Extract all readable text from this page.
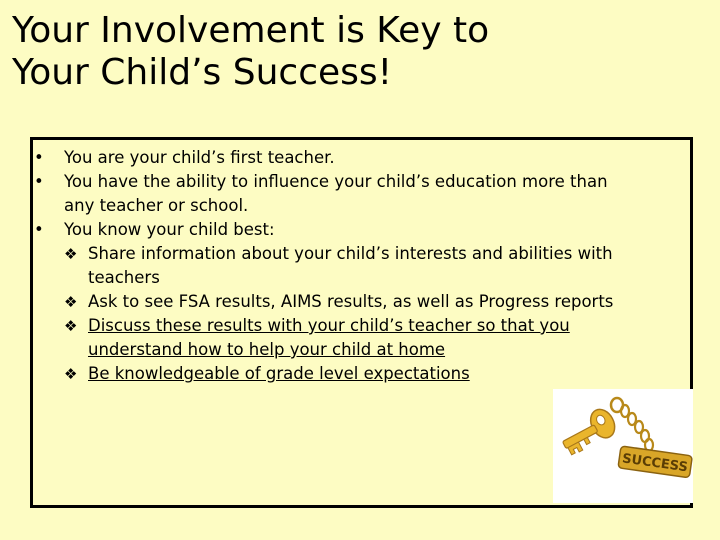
Your Involvement is Key to
Your Child’s Success!
•	You are your child’s first teacher.
•	You have the ability to influence your child’s education more than
any teacher or school.
•	You know your child best:
❖ Share information about your child’s interests and abilities with
teachers
❖ Ask to see FSA results, AIMS results, as well as Progress reports
❖ Discuss these results with your child’s teacher so that you
understand how to help your child at home
❖ Be knowledgeable of grade level expectations
SUCCESS
